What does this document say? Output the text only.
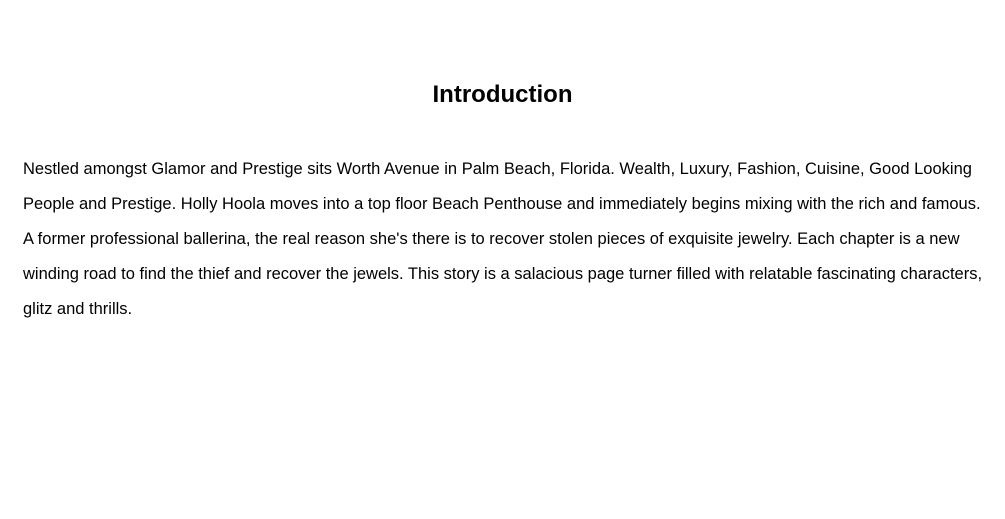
Introduction

Nestled amongst Glamor and Prestige sits Worth Avenue in Palm Beach, Florida. Wealth, Luxury, Fashion, Cuisine, Good Looking People and Prestige. Holly Hoola moves into a top floor Beach Penthouse and immediately begins mixing with the rich and famous. A former professional ballerina, the real reason she's there is to recover stolen pieces of exquisite jewelry. Each chapter is a new winding road to find the thief and recover the jewels. This story is a salacious page turner filled with relatable fascinating characters, glitz and thrills.
